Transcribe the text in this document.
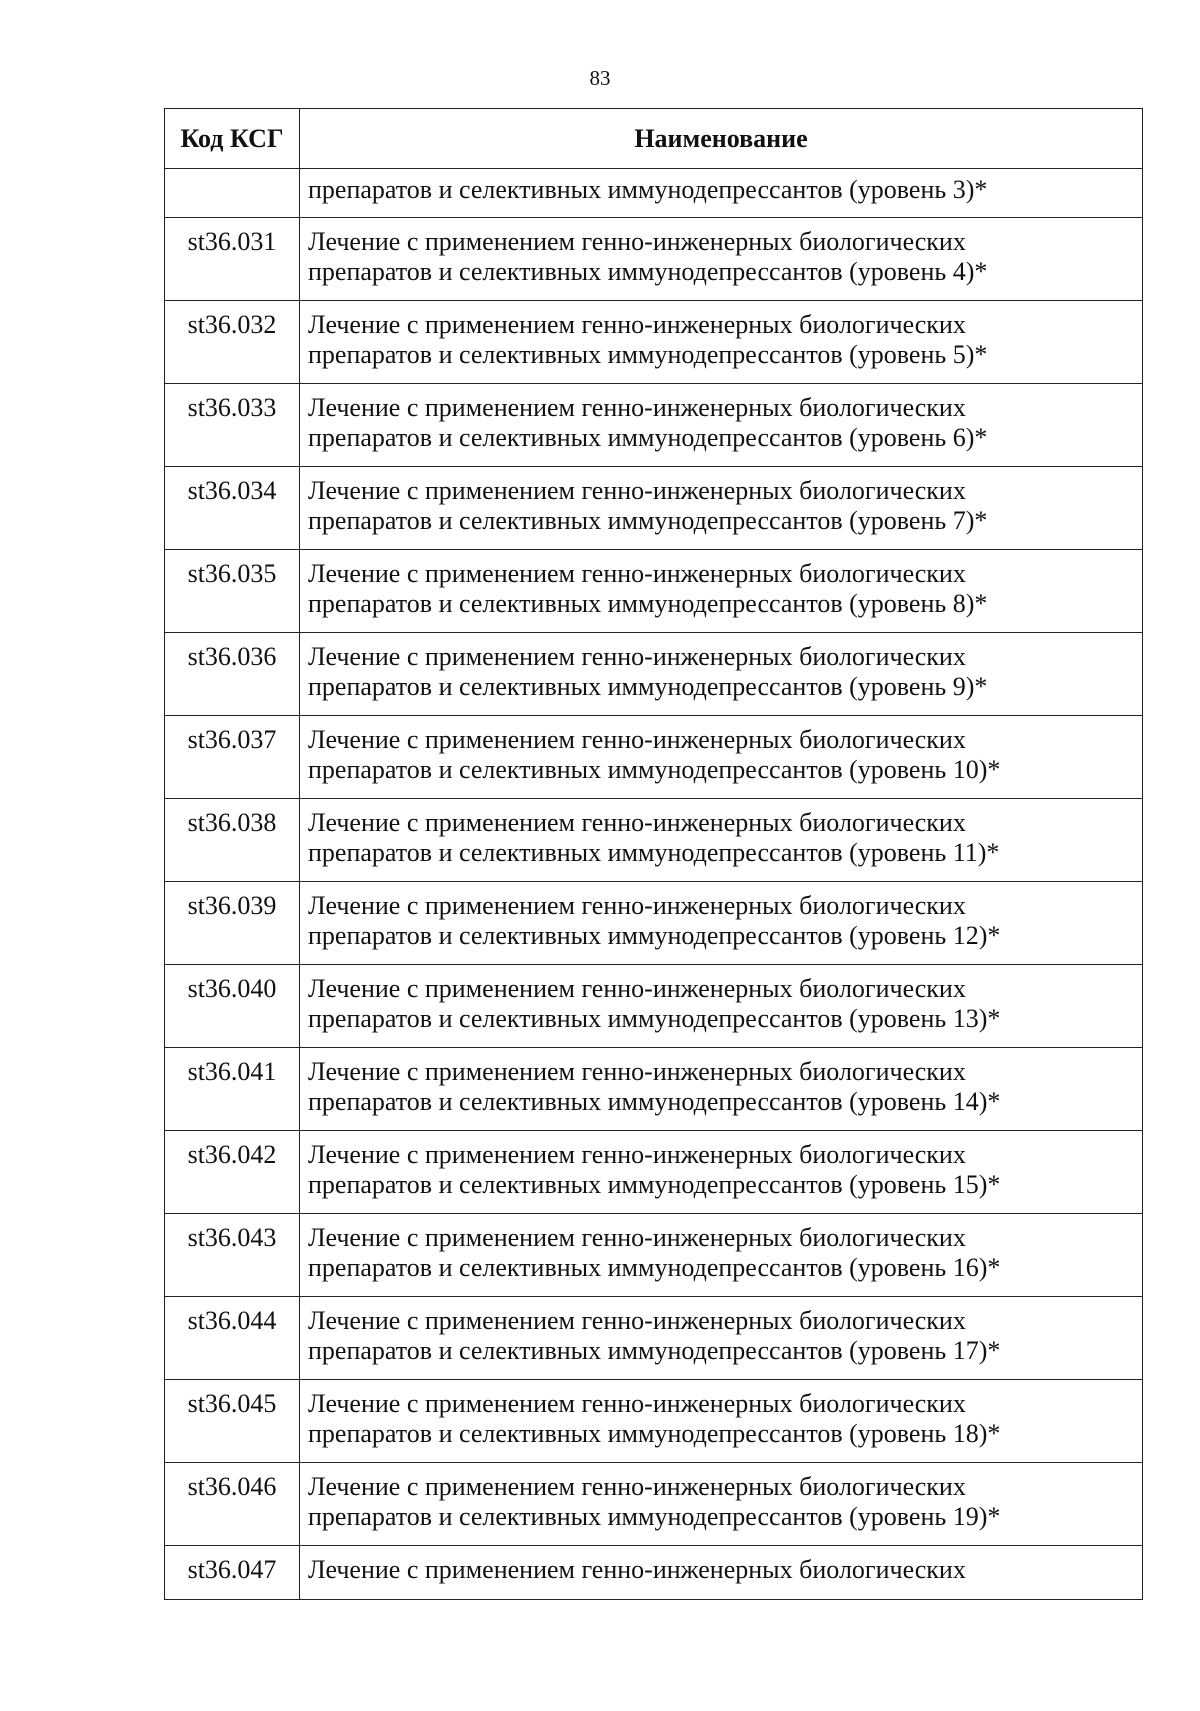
83
Код КСГ	Наименование
	препаратов и селективных иммунодепрессантов (уровень 3)*
st36.031	Лечение с применением генно-инженерных биологических
препаратов и селективных иммунодепрессантов (уровень 4)*

st36.032	Лечение с применением генно-инженерных биологических
препаратов и селективных иммунодепрессантов (уровень 5)*

st36.033	Лечение с применением генно-инженерных биологических
препаратов и селективных иммунодепрессантов (уровень 6)*

st36.034	Лечение с применением генно-инженерных биологических
препаратов и селективных иммунодепрессантов (уровень 7)*

st36.035	Лечение с применением генно-инженерных биологических
препаратов и селективных иммунодепрессантов (уровень 8)*

st36.036	Лечение с применением генно-инженерных биологических
препаратов и селективных иммунодепрессантов (уровень 9)*

st36.037	Лечение с применением генно-инженерных биологических
препаратов и селективных иммунодепрессантов (уровень 10)*

st36.038	Лечение с применением генно-инженерных биологических
препаратов и селективных иммунодепрессантов (уровень 11)*

st36.039	Лечение с применением генно-инженерных биологических
препаратов и селективных иммунодепрессантов (уровень 12)*

st36.040	Лечение с применением генно-инженерных биологических
препаратов и селективных иммунодепрессантов (уровень 13)*

st36.041	Лечение с применением генно-инженерных биологических
препаратов и селективных иммунодепрессантов (уровень 14)*

st36.042	Лечение с применением генно-инженерных биологических
препаратов и селективных иммунодепрессантов (уровень 15)*

st36.043	Лечение с применением генно-инженерных биологических
препаратов и селективных иммунодепрессантов (уровень 16)*

st36.044	Лечение с применением генно-инженерных биологических
препаратов и селективных иммунодепрессантов (уровень 17)*

st36.045	Лечение с применением генно-инженерных биологических
препаратов и селективных иммунодепрессантов (уровень 18)*

st36.046	Лечение с применением генно-инженерных биологических
препаратов и селективных иммунодепрессантов (уровень 19)*

st36.047	Лечение с применением генно-инженерных биологических
